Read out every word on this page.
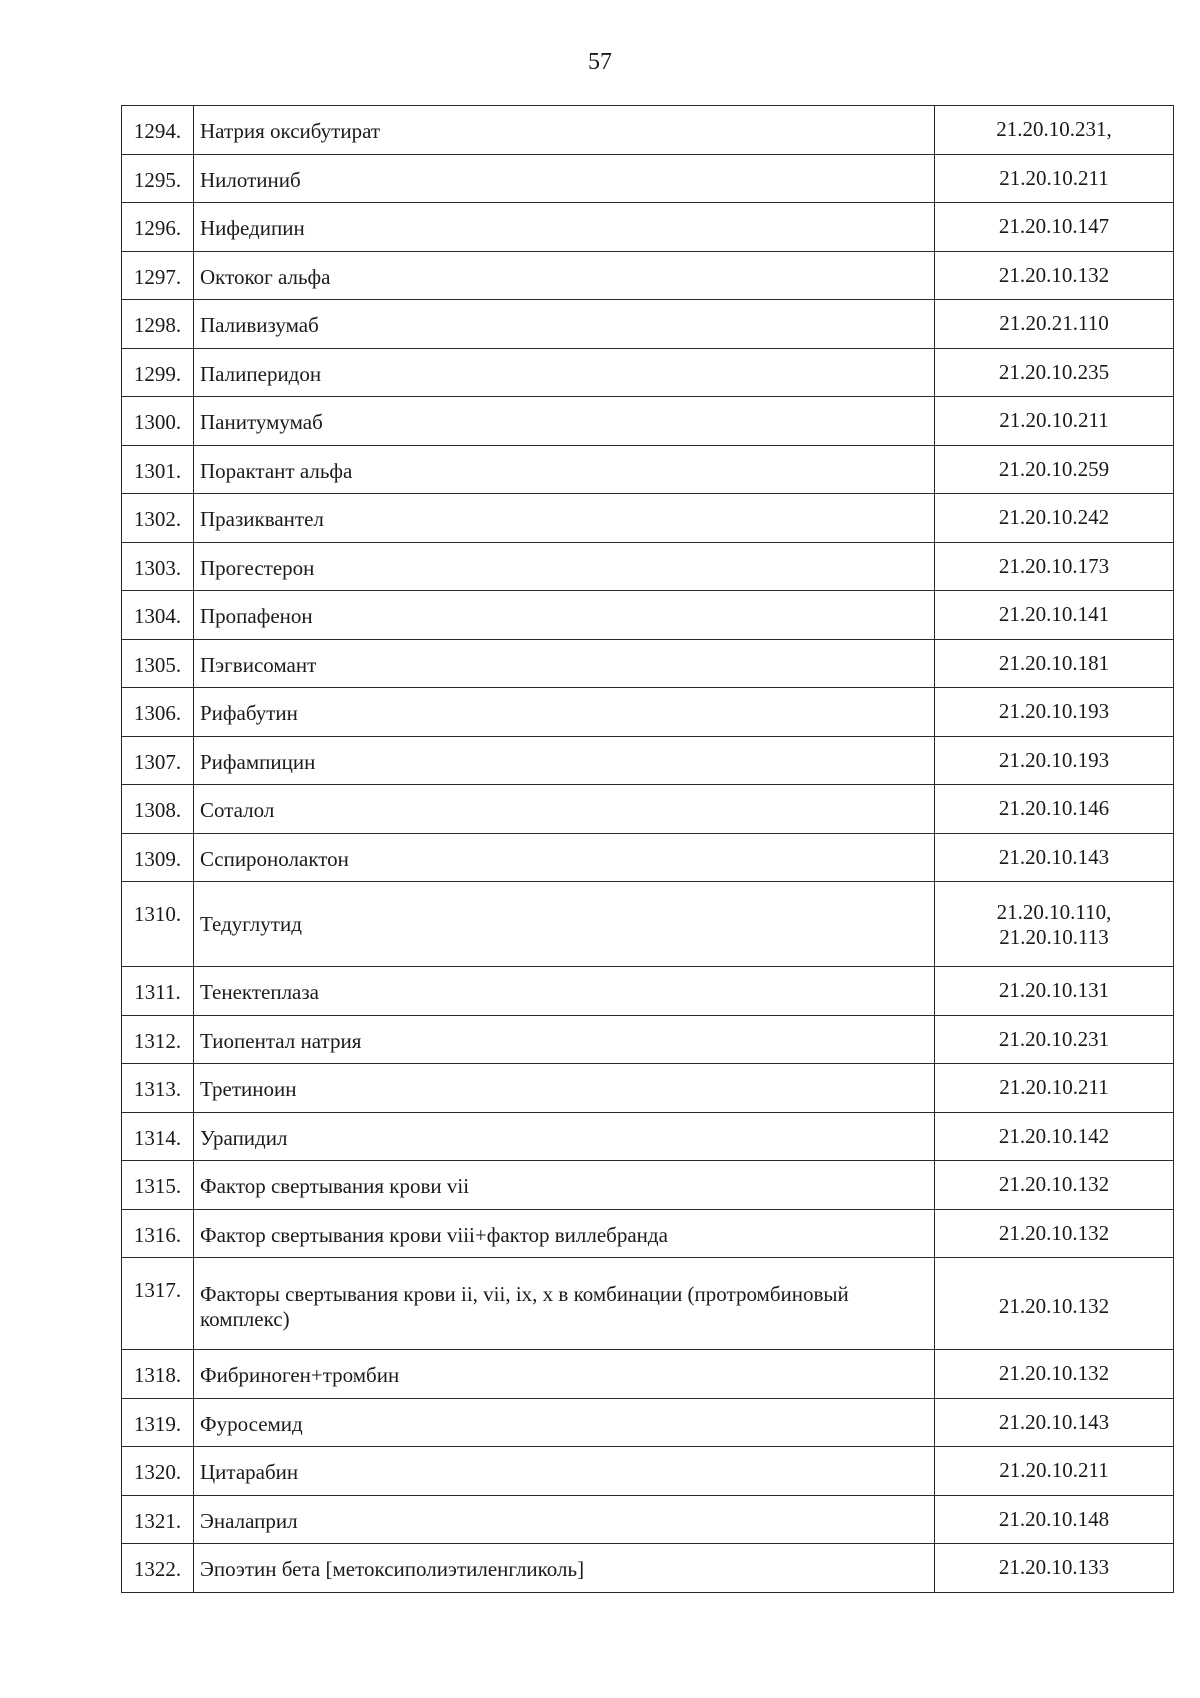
57
1294.	Натрия оксибутират	21.20.10.231,
1295.	Нилотиниб	21.20.10.211
1296.	Нифедипин	21.20.10.147
1297.	Октоког альфа	21.20.10.132
1298.	Паливизумаб	21.20.21.110
1299.	Палиперидон	21.20.10.235
1300.	Панитумумаб	21.20.10.211
1301.	Порактант альфа	21.20.10.259
1302.	Празиквантел	21.20.10.242
1303.	Прогестерон	21.20.10.173
1304.	Пропафенон	21.20.10.141
1305.	Пэгвисомант	21.20.10.181
1306.	Рифабутин	21.20.10.193
1307.	Рифампицин	21.20.10.193
1308.	Соталол	21.20.10.146
1309.	Сспиронолактон	21.20.10.143
1310.	Тедуглутид	21.20.10.110,
21.20.10.113

1311.	Тенектеплаза	21.20.10.131
1312.	Тиопентал натрия	21.20.10.231
1313.	Третиноин	21.20.10.211
1314.	Урапидил	21.20.10.142
1315.	Фактор свертывания крови vii	21.20.10.132
1316.	Фактор свертывания крови viii+фактор виллебранда	21.20.10.132
1317.	Факторы свертывания крови ii, vii, ix, x в комбинации (протромбиновый комплекс)	21.20.10.132
1318.	Фибриноген+тромбин	21.20.10.132
1319.	Фуросемид	21.20.10.143
1320.	Цитарабин	21.20.10.211
1321.	Эналаприл	21.20.10.148
1322.	Эпоэтин бета [метоксиполиэтиленгликоль]	21.20.10.133
